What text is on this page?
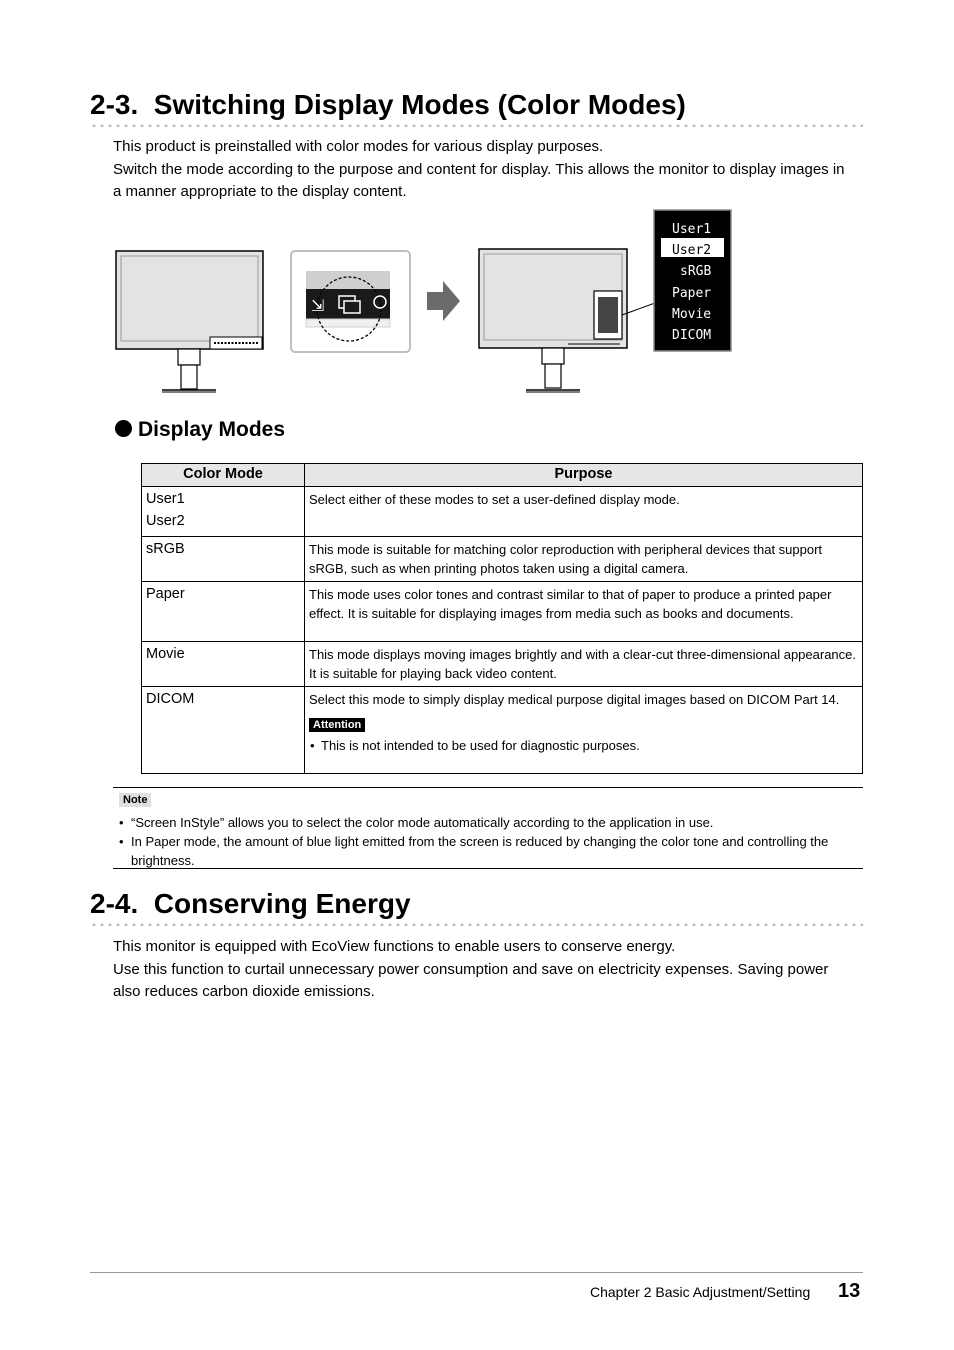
2-3.  Switching Display Modes (Color Modes)

This product is preinstalled with color modes for various display purposes.

Switch the mode according to the purpose and content for display. This allows the monitor to display images in a manner appropriate to the display content.

⇲
User1
User2
sRGB
Paper
Movie
DICOM
Display Modes
Color Mode	Purpose

User1
User2	Select either of these modes to set a user-defined display mode.
sRGB	This mode is suitable for matching color reproduction with peripheral devices that support sRGB, such as when printing photos taken using a digital camera.
Paper	This mode uses color tones and contrast similar to that of paper to produce a printed paper effect. It is suitable for displaying images from media such as books and documents.
Movie	This mode displays moving images brightly and with a clear-cut three-dimensional appearance. It is suitable for playing back video content.
DICOM	Select this mode to simply display medical purpose digital images based on DICOM Part 14.
Attention
• This is not intended to be used for diagnostic purposes.
Note
• “Screen InStyle” allows you to select the color mode automatically according to the application in use.
• In Paper mode, the amount of blue light emitted from the screen is reduced by changing the color tone and controlling the brightness.
2-4.  Conserving Energy

This monitor is equipped with EcoView functions to enable users to conserve energy.

Use this function to curtail unnecessary power consumption and save on electricity expenses. Saving power also reduces carbon dioxide emissions.

Chapter 2 Basic Adjustment/Setting 13
